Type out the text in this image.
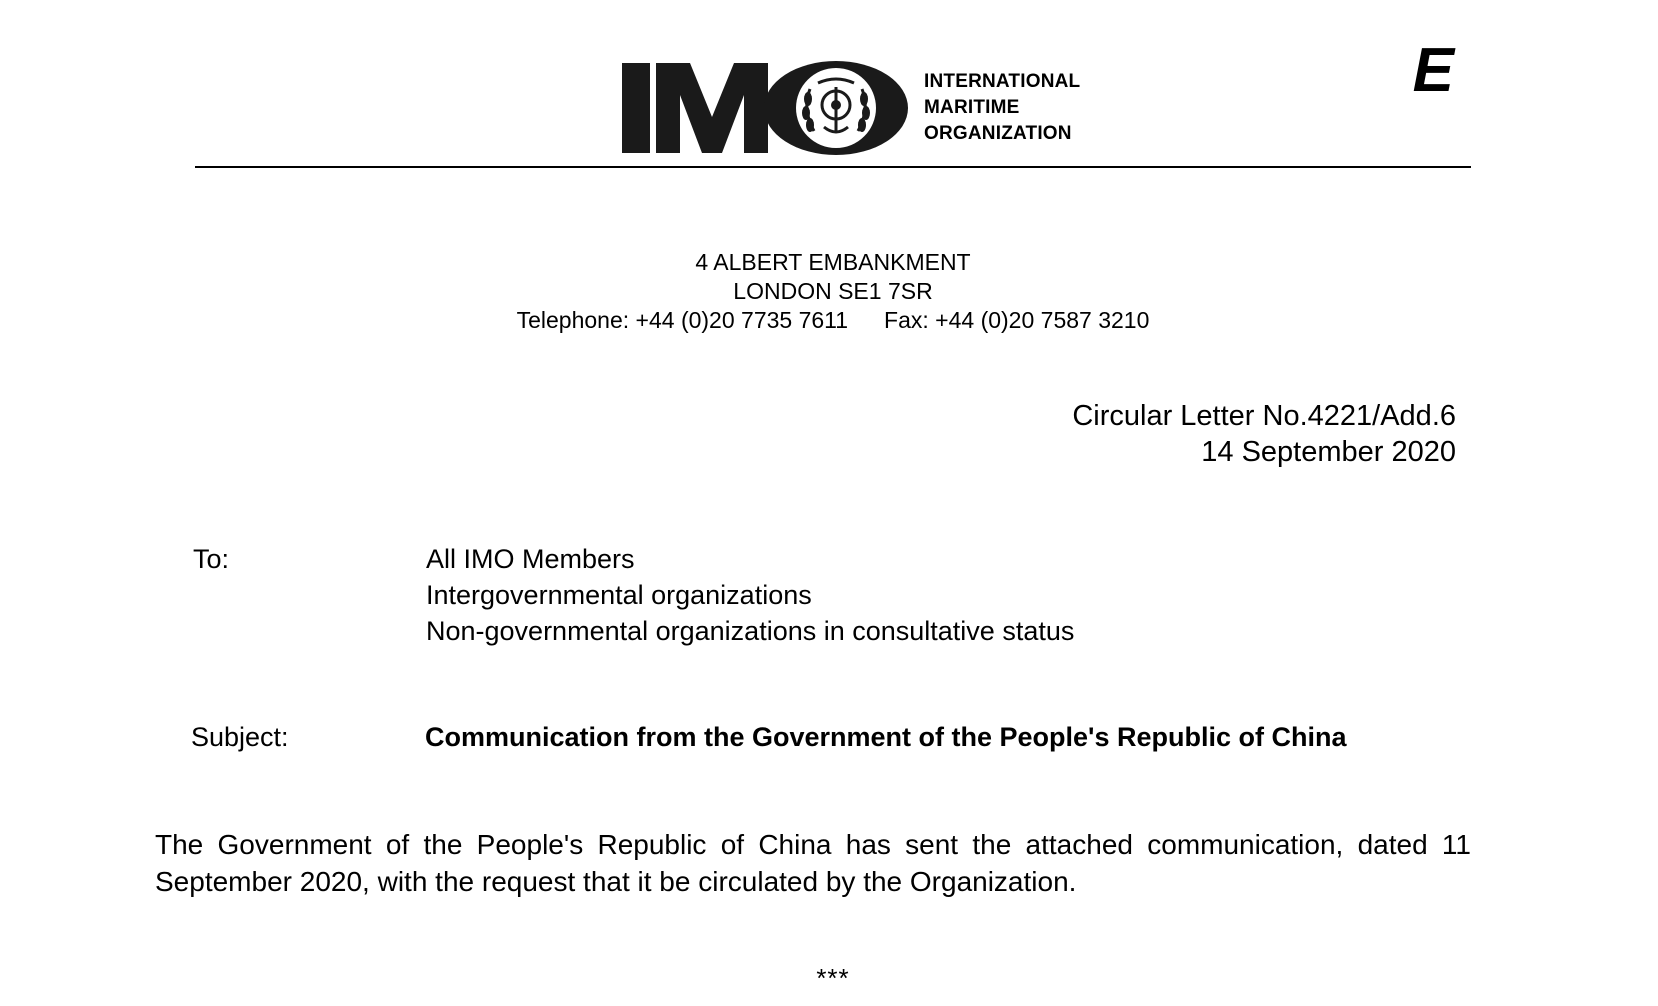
INTERNATIONAL
MARITIME
ORGANIZATION
E
4 ALBERT EMBANKMENT
LONDON SE1 7SR
Telephone: +44 (0)20 7735 7611 Fax: +44 (0)20 7587 3210
Circular Letter No.4221/Add.6
14 September 2020
To:	All IMO Members
Intergovernmental organizations
Non-governmental organizations in consultative status
Subject:	Communication from the Government of the People's Republic of China
The Government of the People's Republic of China has sent the attached communication, dated 11 September 2020, with the request that it be circulated by the Organization.
***
